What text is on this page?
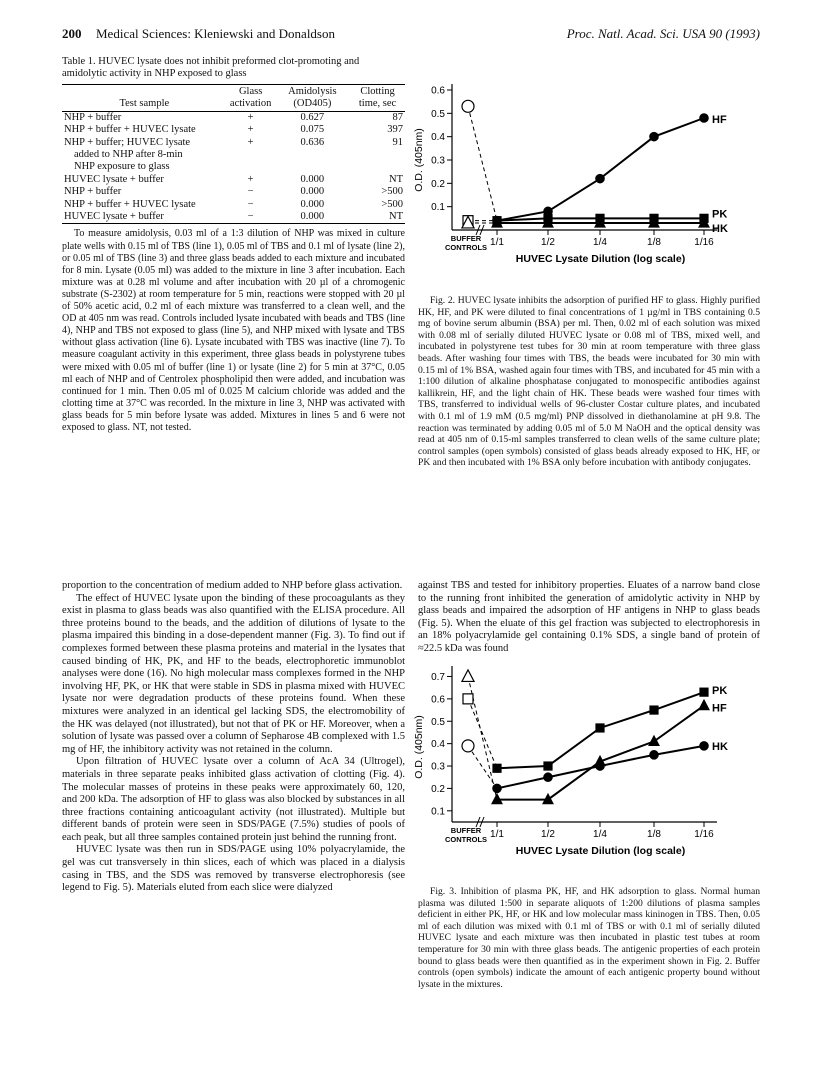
200 Medical Sciences: Kleniewski and Donaldson	Proc. Natl. Acad. Sci. USA 90 (1993)
Table 1. HUVEC lysate does not inhibit preformed clot-promoting and amidolytic activity in NHP exposed to glass
Test sample	Glass activation	Amidolysis (OD405)	Clotting time, sec
NHP + buffer	+	0.627	87
NHP + buffer + HUVEC lysate	+	0.075	397
NHP + buffer; HUVEC lysate	+	0.636	91
added to NHP after 8-min			
NHP exposure to glass			
HUVEC lysate + buffer	+	0.000	NT
NHP + buffer	−	0.000	>500
NHP + buffer + HUVEC lysate	−	0.000	>500
HUVEC lysate + buffer	−	0.000	NT

To measure amidolysis, 0.03 ml of a 1:3 dilution of NHP was mixed in culture plate wells with 0.15 ml of TBS (line 1), 0.05 ml of TBS and 0.1 ml of lysate (line 2), or 0.05 ml of TBS (line 3) and three glass beads added to each mixture and incubated for 8 min. Lysate (0.05 ml) was added to the mixture in line 3 after incubation. Each mixture was at 0.28 ml volume and after incubation with 20 µl of a chromogenic substrate (S-2302) at room temperature for 5 min, reactions were stopped with 20 µl of 50% acetic acid, 0.2 ml of each mixture was transferred to a clean well, and the OD at 405 nm was read. Controls included lysate incubated with beads and TBS (line 4), NHP and TBS not exposed to glass (line 5), and NHP mixed with lysate and TBS without glass activation (line 6). Lysate incubated with TBS was inactive (line 7). To measure coagulant activity in this experiment, three glass beads in polystyrene tubes were mixed with 0.05 ml of buffer (line 1) or lysate (line 2) for 5 min at 37°C, 0.05 ml each of NHP and of Centrolex phospholipid then were added, and incubation was continued for 1 min. Then 0.05 ml of 0.025 M calcium chloride was added and the clotting time at 37°C was recorded. In the mixture in line 3, NHP was activated with glass beads for 5 min before lysate was added. Mixtures in lines 5 and 6 were not exposed to glass. NT, not tested.

proportion to the concentration of medium added to NHP before glass activation.

The effect of HUVEC lysate upon the binding of these procoagulants as they exist in plasma to glass beads was also quantified with the ELISA procedure. All three proteins bound to the beads, and the addition of dilutions of lysate to the plasma impaired this binding in a dose-dependent manner (Fig. 3). To find out if complexes formed between these plasma proteins and material in the lysates that caused binding of HK, PK, and HF to the beads, electrophoretic immunoblot analyses were done (16). No high molecular mass complexes formed in the NHP involving HF, PK, or HK that were stable in SDS in plasma mixed with HUVEC lysate nor were degradation products of these proteins found. When these mixtures were analyzed in an identical gel lacking SDS, the electromobility of the HK was delayed (not illustrated), but not that of PK or HF. Moreover, when a solution of lysate was passed over a column of Sepharose 4B complexed with 1.5 mg of HF, the inhibitory activity was not retained in the column.

Upon filtration of HUVEC lysate over a column of AcA 34 (Ultrogel), materials in three separate peaks inhibited glass activation of clotting (Fig. 4). The molecular masses of proteins in these peaks were approximately 60, 120, and 200 kDa. The adsorption of HF to glass was also blocked by substances in all three fractions containing anticoagulant activity (not illustrated). Multiple but different bands of protein were seen in SDS/PAGE (7.5%) studies of pools of each peak, but all three samples contained protein just behind the running front.

HUVEC lysate was then run in SDS/PAGE using 10% polyacrylamide, the gel was cut transversely in thin slices, each of which was placed in a dialysis casing in TBS, and the SDS was removed by transverse electrophoresis (see legend to Fig. 5). Materials eluted from each slice were dialyzed

0.1
0.2
0.3
0.4
0.5
0.6
O.D. (405nm)
BUFFER CONTROLS 1/1	1/2	1/4	1/8	1/16
HUVEC Lysate Dilution (log scale)
HF
PK
HK

Fig. 2. HUVEC lysate inhibits the adsorption of purified HF to glass. Highly purified HK, HF, and PK were diluted to final concentrations of 1 µg/ml in TBS containing 0.5 mg of bovine serum albumin (BSA) per ml. Then, 0.02 ml of each solution was mixed with 0.08 ml of serially diluted HUVEC lysate or 0.08 ml of TBS, mixed well, and incubated in polystyrene test tubes for 30 min at room temperature with three glass beads. After washing four times with TBS, the beads were incubated for 30 min with 0.15 ml of 1% BSA, washed again four times with TBS, and incubated for 45 min with a 1:100 dilution of alkaline phosphatase conjugated to monospecific antibodies against kallikrein, HF, and the light chain of HK. These beads were washed four times with TBS, transferred to individual wells of 96-cluster Costar culture plates, and incubated with 0.1 ml of 1.9 mM (0.5 mg/ml) PNP dissolved in diethanolamine at pH 9.8. The reaction was terminated by adding 0.05 ml of 5.0 M NaOH and the optical density was read at 405 nm of 0.15-ml samples transferred to clean wells of the same culture plate; control samples (open symbols) consisted of glass beads already exposed to HK, HF, or PK and then incubated with 1% BSA only before incubation with antibody conjugates.

against TBS and tested for inhibitory properties. Eluates of a narrow band close to the running front inhibited the generation of amidolytic activity in NHP by glass beads and impaired the adsorption of HF antigens in NHP to glass beads (Fig. 5). When the eluate of this gel fraction was subjected to electrophoresis in an 18% polyacrylamide gel containing 0.1% SDS, a single band of protein of ≈22.5 kDa was found

0.1
0.2
0.3
0.4
0.5
0.6
0.7
O.D. (405nm)
BUFFER CONTROLS 1/1	1/2	1/4	1/8	1/16
HUVEC Lysate Dilution (log scale)
PK
HF
HK

Fig. 3. Inhibition of plasma PK, HF, and HK adsorption to glass. Normal human plasma was diluted 1:500 in separate aliquots of 1:200 dilutions of plasma samples deficient in either PK, HF, or HK and low molecular mass kininogen in TBS. Then, 0.05 ml of each dilution was mixed with 0.1 ml of TBS or with 0.1 ml of serially diluted HUVEC lysate and each mixture was then incubated in plastic test tubes at room temperature for 30 min with three glass beads. The antigenic properties of each protein bound to glass beads were then quantified as in the experiment shown in Fig. 2. Buffer controls (open symbols) indicate the amount of each antigenic property bound without lysate in the mixtures.
